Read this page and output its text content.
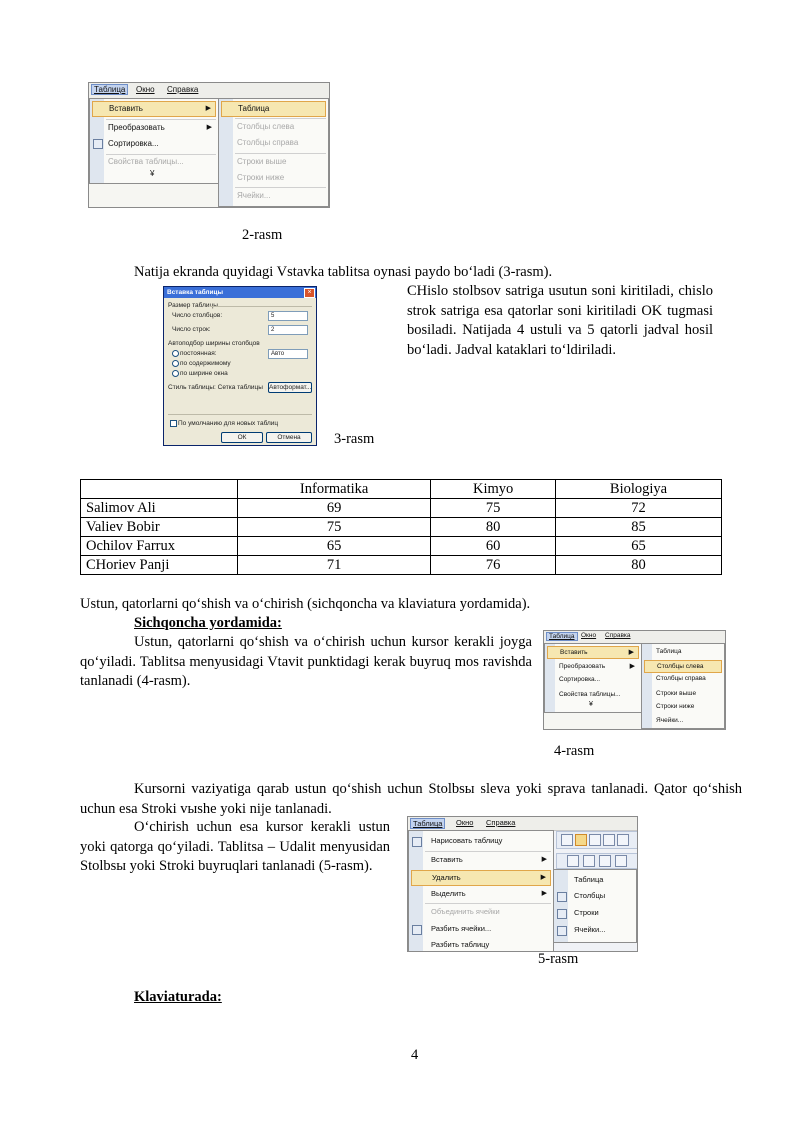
Таблица	Окно Справка
Вставить	▶
Преобразовать	▶
Сортировка...
Свойства таблицы...
¥
Таблица
Столбцы слева
Столбцы справа
Строки выше
Строки ниже
Ячейки...
2-rasm
Natija ekranda quyidagi Vstavka tablitsa oynasi paydo bo‘ladi (3-rasm).
Вставка таблицы	×
Размер таблицы
Число столбцов:	5
Число строк:	2
Автоподбор ширины столбцов
постоянная:	Авто
по содержимому
по ширине окна
Стиль таблицы: Сетка таблицы Автоформат...
По умолчанию для новых таблиц
ОК	Отмена
CHislo stolbsov satriga usutun soni kiritiladi, chislo strok satriga esa qatorlar soni kiritiladi OK tugmasi bosiladi. Natijada 4 ustuli va 5 qatorli jadval hosil bo‘ladi. Jadval kataklari to‘ldiriladi.
3-rasm
	Informatika	Kimyo	Biologiya
Salimov Ali	69	75	72
Valiev Bobir	75	80	85
Ochilov Farrux	65	60	65
CHoriev Panji	71	76	80
Ustun, qatorlarni qo‘shish va o‘chirish (sichqoncha va klaviatura yordamida).
Sichqoncha yordamida:
Ustun, qatorlarni qo‘shish va o‘chirish uchun kursor kerakli joyga qo‘yiladi. Tablitsa menyusidagi Vtavit punktidagi kerak buyruq mos ravishda tanlanadi (4-rasm).
Таблица	Окно Справка
Вставить	▶
Преобразовать	▶
Сортировка...
Свойства таблицы...
¥
Таблица
Столбцы слева
Столбцы справа
Строки выше
Строки ниже
Ячейки...
4-rasm
Kursorni vaziyatiga qarab ustun qo‘shish uchun Stolbsы sleva yoki sprava tanlanadi. Qator qo‘shish uchun esa Stroki vыshe yoki nije tanlanadi.
O‘chirish uchun esa kursor kerakli ustun yoki qatorga qo‘yiladi. Tablitsa – Udalit menyusidan Stolbsы yoki Stroki buyruqlari tanlanadi (5-rasm).
Таблица	Окно Справка
Нарисовать таблицу
Вставить	▶
Удалить	▶
Выделить	▶
Объединить ячейки
Разбить ячейки...
Разбить таблицу
Таблица
Столбцы
Строки
Ячейки...
5-rasm
Klaviaturada:
4
